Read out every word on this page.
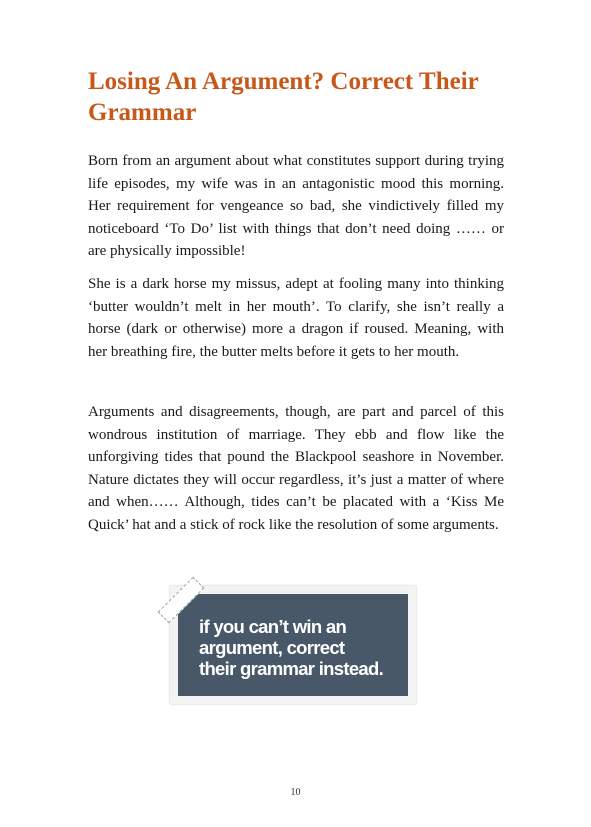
Losing An Argument? Correct Their Grammar

Born from an argument about what constitutes support during trying life episodes, my wife was in an antagonistic mood this morning. Her requirement for vengeance so bad, she vindictively filled my noticeboard ‘To Do’ list with things that don’t need doing …… or are physically impossible!

She is a dark horse my missus, adept at fooling many into thinking ‘butter wouldn’t melt in her mouth’. To clarify, she isn’t really a horse (dark or otherwise) more a dragon if roused. Meaning, with her breathing fire, the butter melts before it gets to her mouth.

Arguments and disagreements, though, are part and parcel of this wondrous institution of marriage. They ebb and flow like the unforgiving tides that pound the Blackpool seashore in November. Nature dictates they will occur regardless, it’s just a matter of where and when…… Although, tides can’t be placated with a ‘Kiss Me Quick’ hat and a stick of rock like the resolution of some arguments.

if you can’t win an
argument, correct
their grammar instead.
10
